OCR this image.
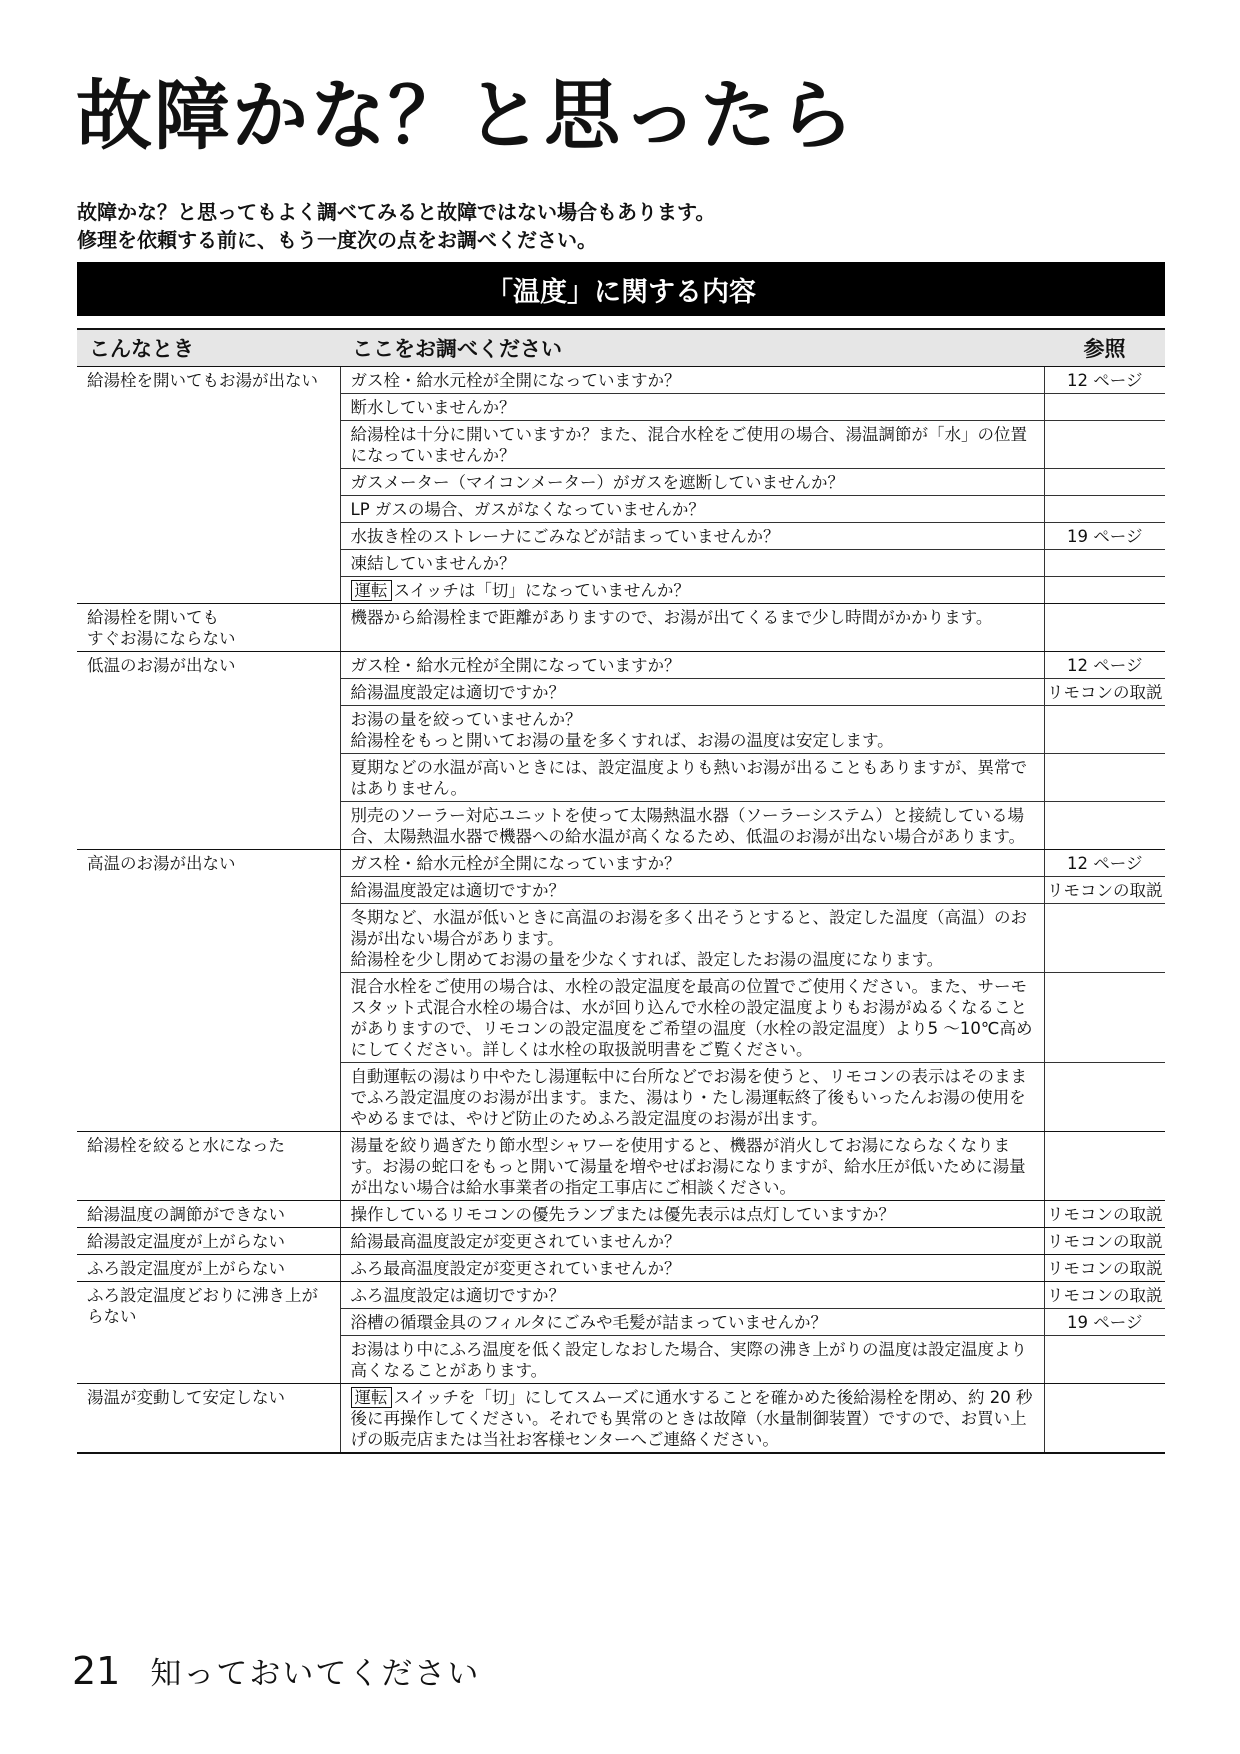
故障かな？と思ったら
故障かな？と思ってもよく調べてみると故障ではない場合もあります。
修理を依頼する前に、もう一度次の点をお調べください。
「温度」に関する内容
こんなとき	ここをお調べください	参照
給湯栓を開いてもお湯が出ない	ガス栓・給水元栓が全開になっていますか？	12 ページ
	断水していませんか？	
	給湯栓は十分に開いていますか？また、混合水栓をご使用の場合、湯温調節が「水」の位置になっていませんか？	
	ガスメーター（マイコンメーター）がガスを遮断していませんか？	
	LP ガスの場合、ガスがなくなっていませんか？	
	水抜き栓のストレーナにごみなどが詰まっていませんか？	19 ページ
	凍結していませんか？	
	運転 スイッチは「切」になっていませんか？	
給湯栓を開いても
すぐお湯にならない	機器から給湯栓まで距離がありますので、お湯が出てくるまで少し時間がかかります。	
低温のお湯が出ない	ガス栓・給水元栓が全開になっていますか？	12 ページ
	給湯温度設定は適切ですか？	リモコンの取説
	お湯の量を絞っていませんか？
給湯栓をもっと開いてお湯の量を多くすれば、お湯の温度は安定します。	
	夏期などの水温が高いときには、設定温度よりも熱いお湯が出ることもありますが、異常ではありません。	
	別売のソーラー対応ユニットを使って太陽熱温水器（ソーラーシステム）と接続している場合、太陽熱温水器で機器への給水温が高くなるため、低温のお湯が出ない場合があります。	
高温のお湯が出ない	ガス栓・給水元栓が全開になっていますか？	12 ページ
	給湯温度設定は適切ですか？	リモコンの取説
	冬期など、水温が低いときに高温のお湯を多く出そうとすると、設定した温度（高温）のお湯が出ない場合があります。
給湯栓を少し閉めてお湯の量を少なくすれば、設定したお湯の温度になります。	
	混合水栓をご使用の場合は、水栓の設定温度を最高の位置でご使用ください。また、サーモスタット式混合水栓の場合は、水が回り込んで水栓の設定温度よりもお湯がぬるくなることがありますので、リモコンの設定温度をご希望の温度（水栓の設定温度）より5 ～10℃高めにしてください。詳しくは水栓の取扱説明書をご覧ください。	
	自動運転の湯はり中やたし湯運転中に台所などでお湯を使うと、リモコンの表示はそのままでふろ設定温度のお湯が出ます。また、湯はり・たし湯運転終了後もいったんお湯の使用をやめるまでは、やけど防止のためふろ設定温度のお湯が出ます。	
給湯栓を絞ると水になった	湯量を絞り過ぎたり節水型シャワーを使用すると、機器が消火してお湯にならなくなります。お湯の蛇口をもっと開いて湯量を増やせばお湯になりますが、給水圧が低いために湯量が出ない場合は給水事業者の指定工事店にご相談ください。	
給湯温度の調節ができない	操作しているリモコンの優先ランプまたは優先表示は点灯していますか？	リモコンの取説
給湯設定温度が上がらない	給湯最高温度設定が変更されていませんか？	リモコンの取説
ふろ設定温度が上がらない	ふろ最高温度設定が変更されていませんか？	リモコンの取説
ふろ設定温度どおりに沸き上がらない	ふろ温度設定は適切ですか？	リモコンの取説
	浴槽の循環金具のフィルタにごみや毛髪が詰まっていませんか？	19 ページ
	お湯はり中にふろ温度を低く設定しなおした場合、実際の沸き上がりの温度は設定温度より高くなることがあります。	
湯温が変動して安定しない	運転 スイッチを「切」にしてスムーズに通水することを確かめた後給湯栓を閉め、約 20 秒後に再操作してください。それでも異常のときは故障（水量制御装置）ですので、お買い上げの販売店または当社お客様センターへご連絡ください。	
21 知っておいてください
